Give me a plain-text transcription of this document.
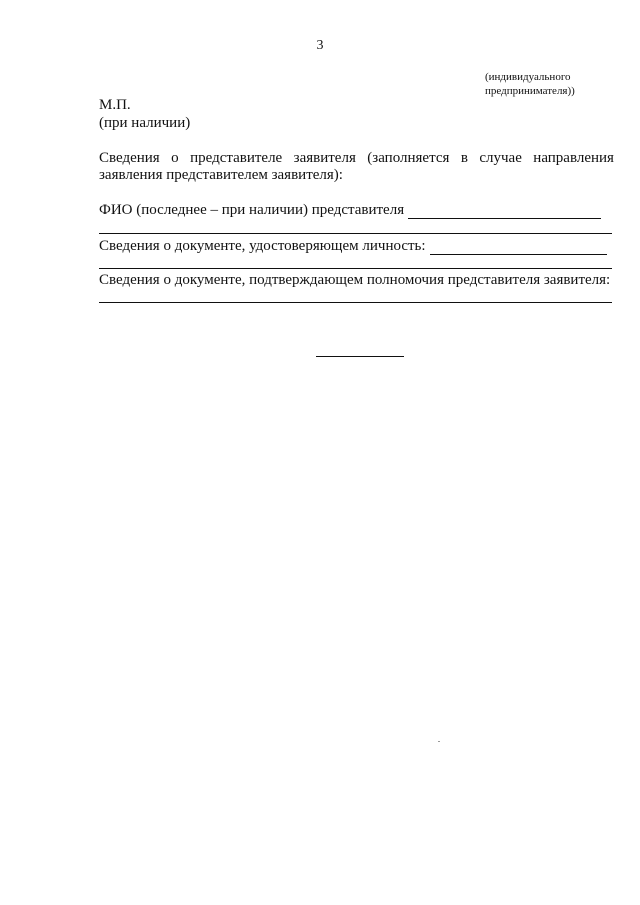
3
(индивидуального
предпринимателя))
М.П.
(при наличии)
Сведения о представителе заявителя (заполняется в случае направления
заявления представителем заявителя):
ФИО (последнее – при наличии) представителя
Сведения о документе, удостоверяющем личность:
Сведения о документе, подтверждающем полномочия представителя заявителя:
